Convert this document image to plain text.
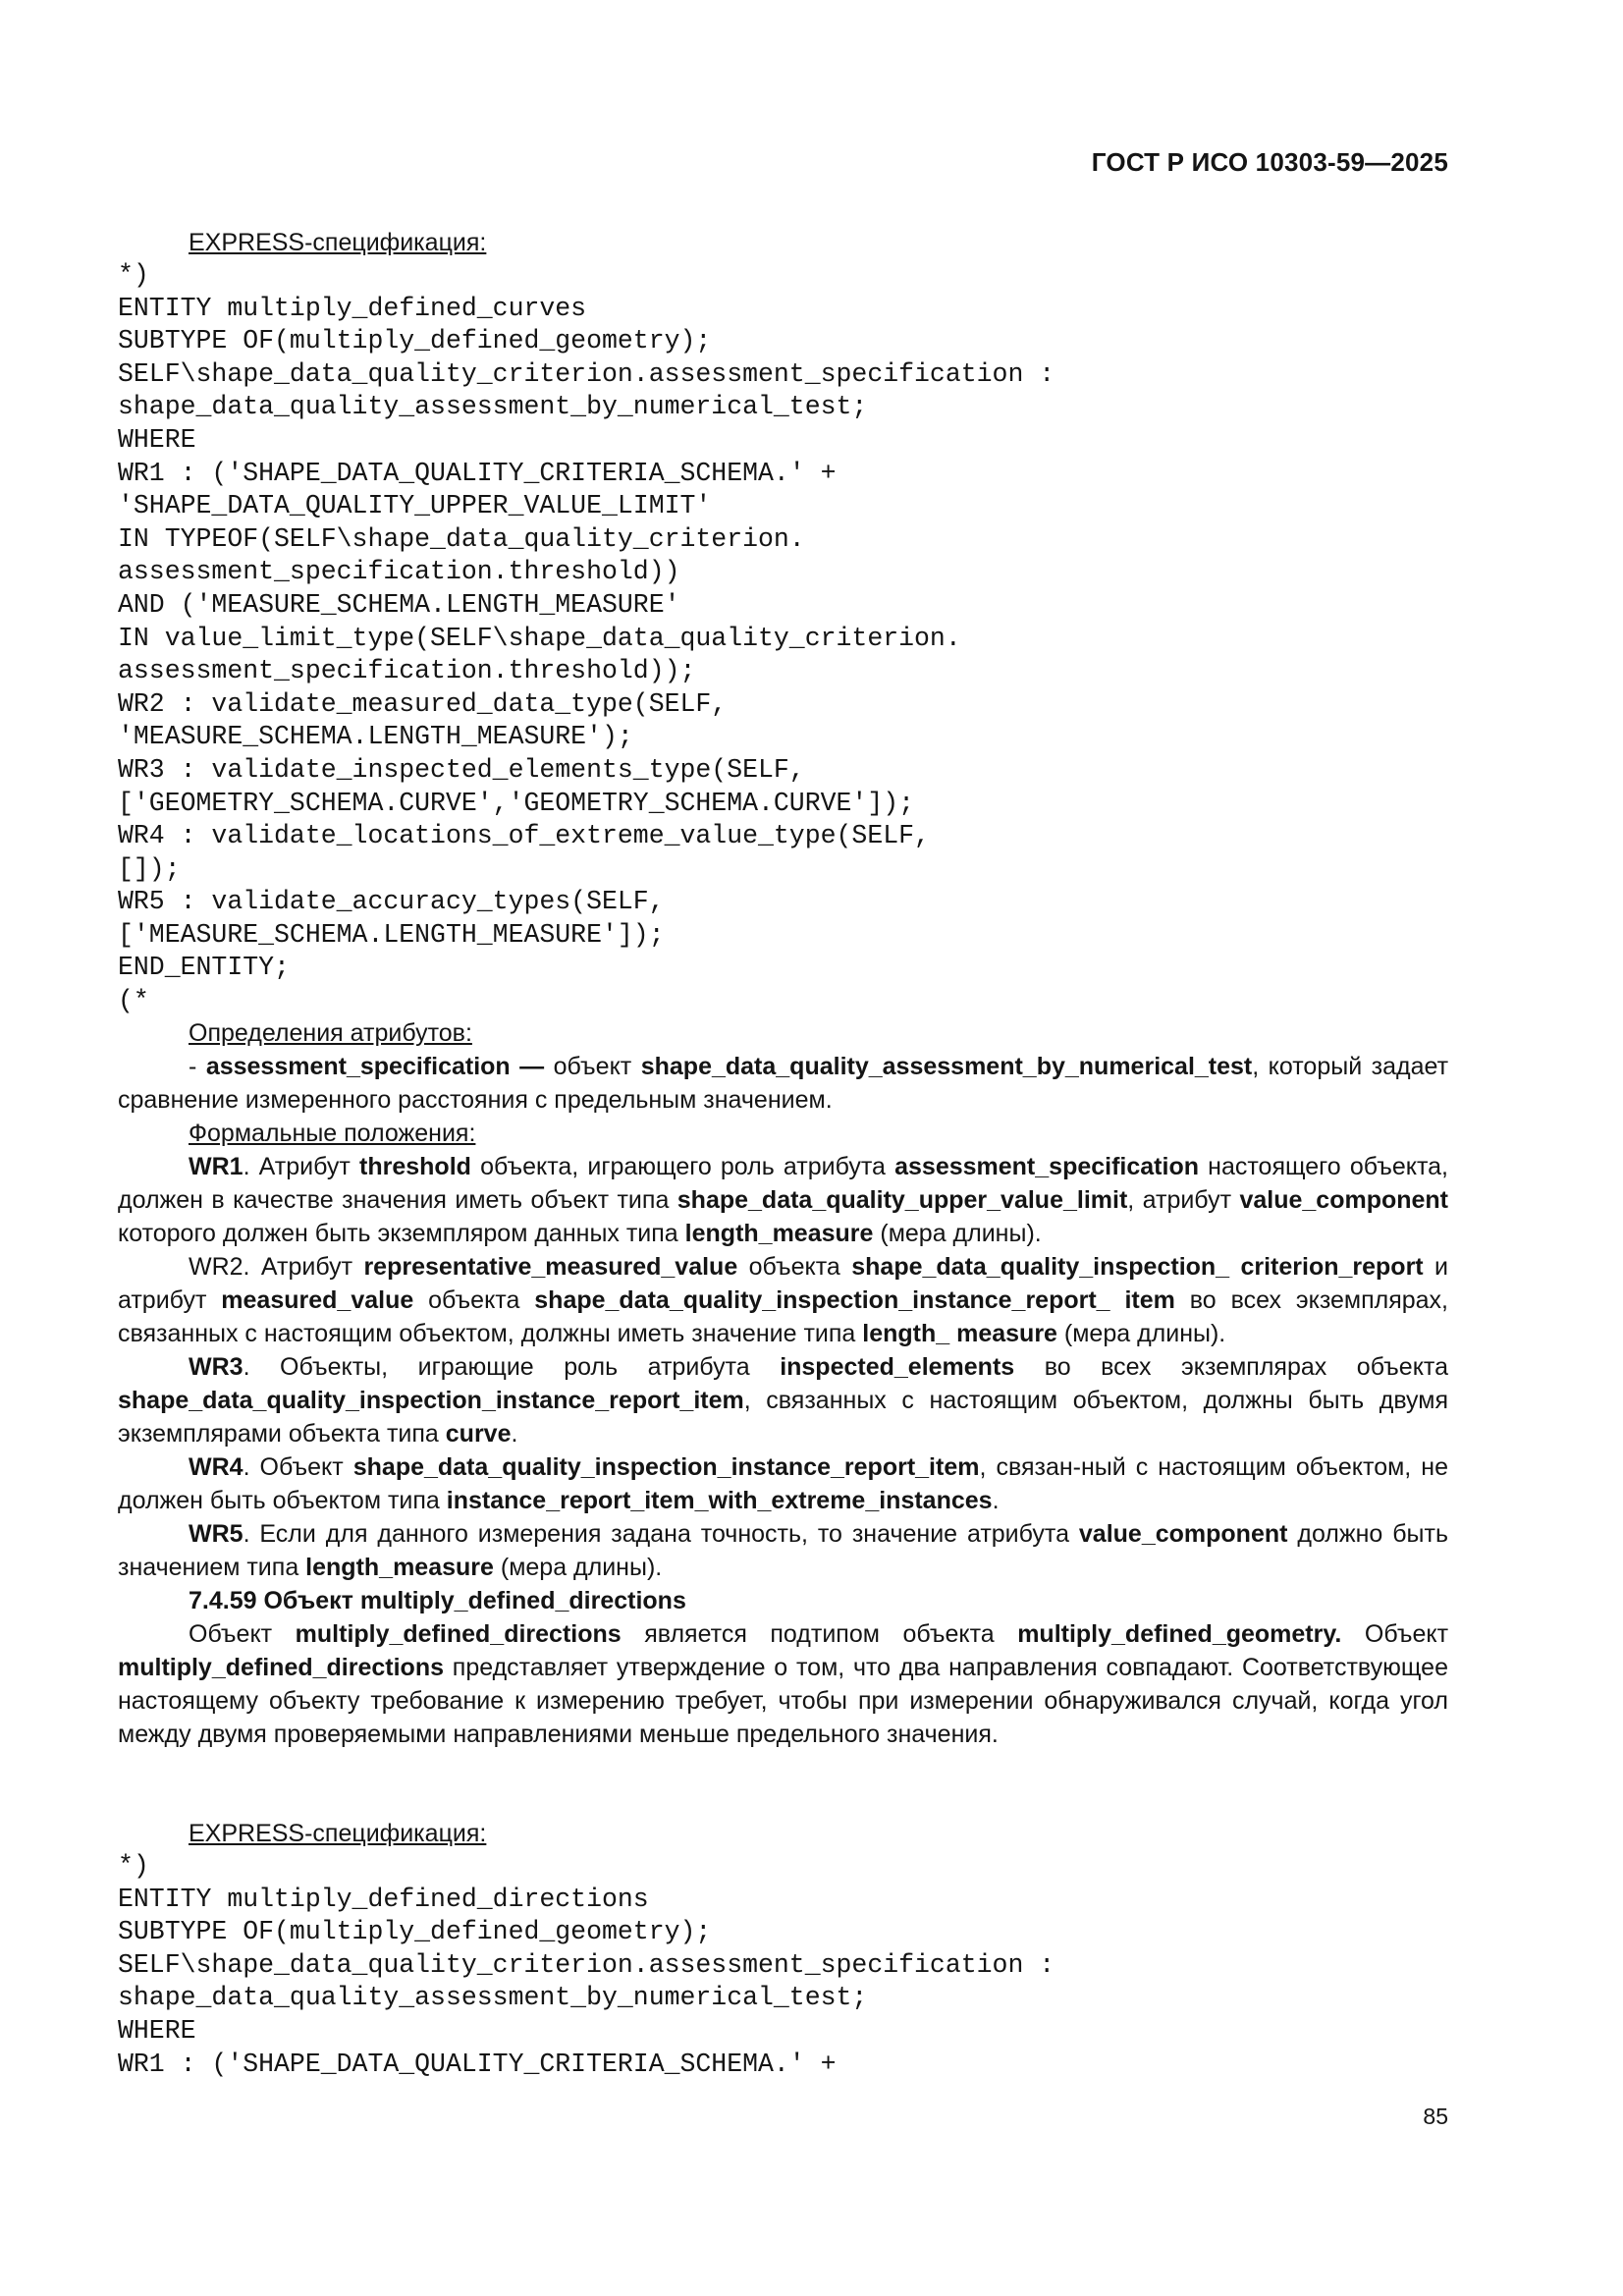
ГОСТ Р ИСО 10303-59—2025
EXPRESS-спецификация:
*)
ENTITY multiply_defined_curves
SUBTYPE OF(multiply_defined_geometry);
SELF\shape_data_quality_criterion.assessment_specification :
shape_data_quality_assessment_by_numerical_test;
WHERE
WR1 : ('SHAPE_DATA_QUALITY_CRITERIA_SCHEMA.' +
'SHAPE_DATA_QUALITY_UPPER_VALUE_LIMIT'
IN TYPEOF(SELF\shape_data_quality_criterion.
assessment_specification.threshold))
AND ('MEASURE_SCHEMA.LENGTH_MEASURE'
IN value_limit_type(SELF\shape_data_quality_criterion.
assessment_specification.threshold));
WR2 : validate_measured_data_type(SELF,
'MEASURE_SCHEMA.LENGTH_MEASURE');
WR3 : validate_inspected_elements_type(SELF,
['GEOMETRY_SCHEMA.CURVE','GEOMETRY_SCHEMA.CURVE']);
WR4 : validate_locations_of_extreme_value_type(SELF,
[]);
WR5 : validate_accuracy_types(SELF,
['MEASURE_SCHEMA.LENGTH_MEASURE']);
END_ENTITY;
(*
Определения атрибутов:

- assessment_specification — объект shape_data_quality_assessment_by_numerical_test, который задает сравнение измеренного расстояния с предельным значением.

Формальные положения:

WR1. Атрибут threshold объекта, играющего роль атрибута assessment_specification настоящего объекта, должен в качестве значения иметь объект типа shape_data_quality_upper_value_limit, атрибут value_component которого должен быть экземпляром данных типа length_measure (мера длины).

WR2. Атрибут representative_measured_value объекта shape_data_quality_inspection_ criterion_report и атрибут measured_value объекта shape_data_quality_inspection_instance_report_ item во всех экземплярах, связанных с настоящим объектом, должны иметь значение типа length_ measure (мера длины).

WR3. Объекты, играющие роль атрибута inspected_elements во всех экземплярах объекта shape_data_quality_inspection_instance_report_item, связанных с настоящим объектом, должны быть двумя экземплярами объекта типа curve.

WR4. Объект shape_data_quality_inspection_instance_report_item, связан-ный с настоящим объектом, не должен быть объектом типа instance_report_item_with_extreme_instances.

WR5. Если для данного измерения задана точность, то значение атрибута value_component должно быть значением типа length_measure (мера длины).

7.4.59 Объект multiply_defined_directions

Объект multiply_defined_directions является подтипом объекта multiply_defined_geometry. Объект multiply_defined_directions представляет утверждение о том, что два направления совпадают. Соответствующее настоящему объекту требование к измерению требует, чтобы при измерении обнаруживался случай, когда угол между двумя проверяемыми направлениями меньше предельного значения.

EXPRESS-спецификация:
*)
ENTITY multiply_defined_directions
SUBTYPE OF(multiply_defined_geometry);
SELF\shape_data_quality_criterion.assessment_specification :
shape_data_quality_assessment_by_numerical_test;
WHERE
WR1 : ('SHAPE_DATA_QUALITY_CRITERIA_SCHEMA.' +
85
